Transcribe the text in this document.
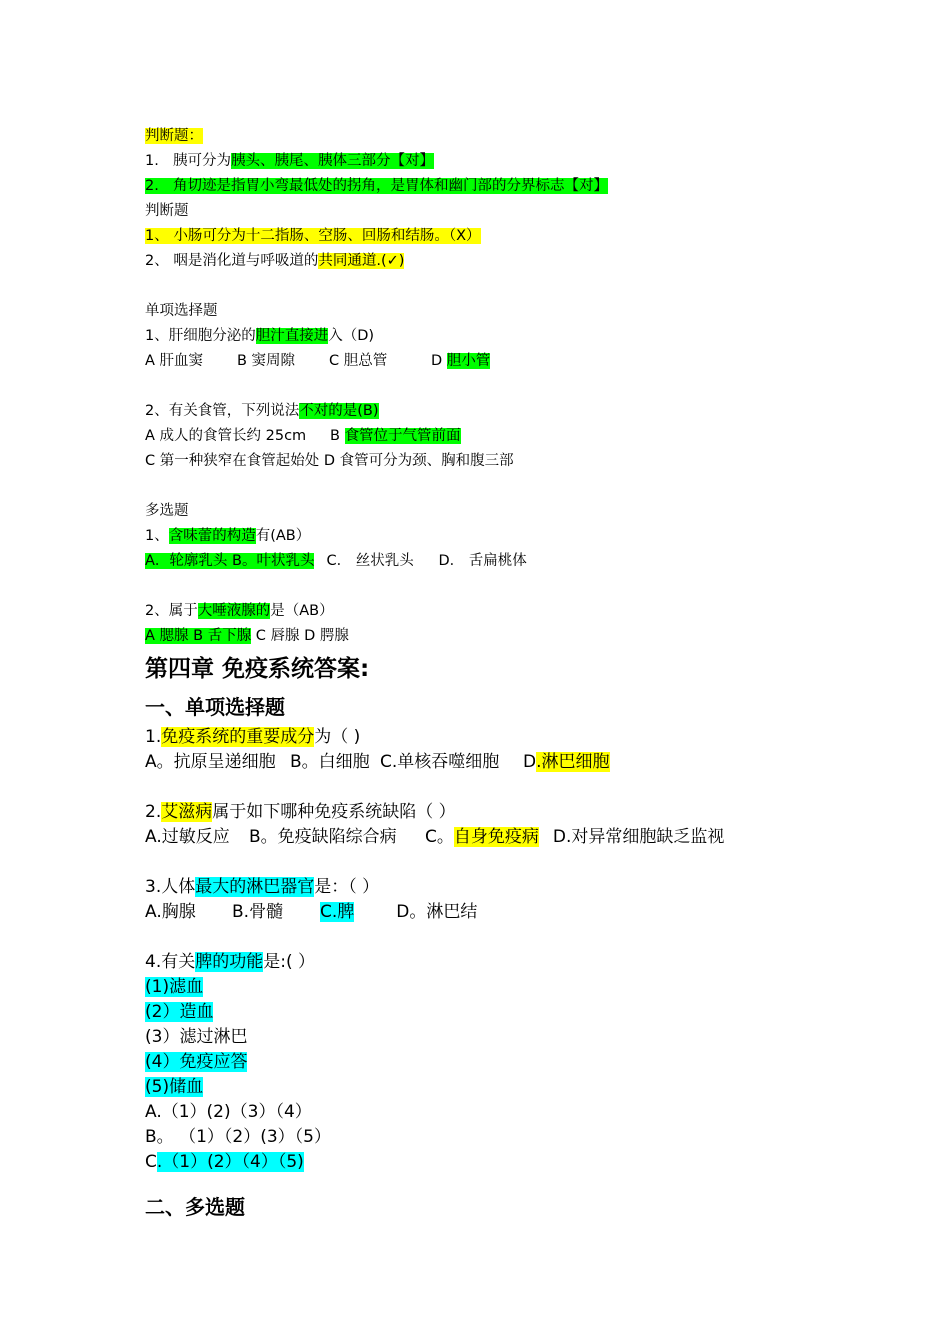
判断题：
1. 胰可分为胰头、胰尾、胰体三部分【对】
2. 角切迹是指胃小弯最低处的拐角，是胃体和幽门部的分界标志【对】
判断题
1、 小肠可分为十二指肠、空肠、回肠和结肠。（X）
2、 咽是消化道与呼吸道的共同通道.(✓)
单项选择题
1、肝细胞分泌的胆汁直接进入（D)
A 肝血窦 B 窦周隙 C 胆总管	D 胆小管
2、有关食管，下列说法不对的是(B)
A 成人的食管长约 25cm B 食管位于气管前面
C 第一种狭窄在食管起始处 D 食管可分为颈、胸和腹三部
多选题
1、含味蕾的构造有(AB）
A．轮廓乳头 B。叶状乳头 C． 丝状乳头 D． 舌扁桃体
2、属于大唾液腺的是（AB）
A 腮腺 B 舌下腺 C 唇腺 D 腭腺
第四章 免疫系统答案:
一、单项选择题
1.免疫系统的重要成分为（ )
A。抗原呈递细胞 B。白细胞 C.单核吞噬细胞 D.淋巴细胞
2.艾滋病属于如下哪种免疫系统缺陷（ ）
A.过敏反应 B。免疫缺陷综合病 C。自身免疫病 D.对异常细胞缺乏监视
3.人体最大的淋巴器官是：（ ）
A.胸腺 B.骨髓 C.脾 D。淋巴结
4.有关脾的功能是:( ）
(1)滤血
(2）造血
(3）滤过淋巴
(4）免疫应答
(5)储血
A.（1）(2)（3）（4）
B。 （1）（2）(3）（5）
C.（1）(2）（4）（5)
二、多选题
